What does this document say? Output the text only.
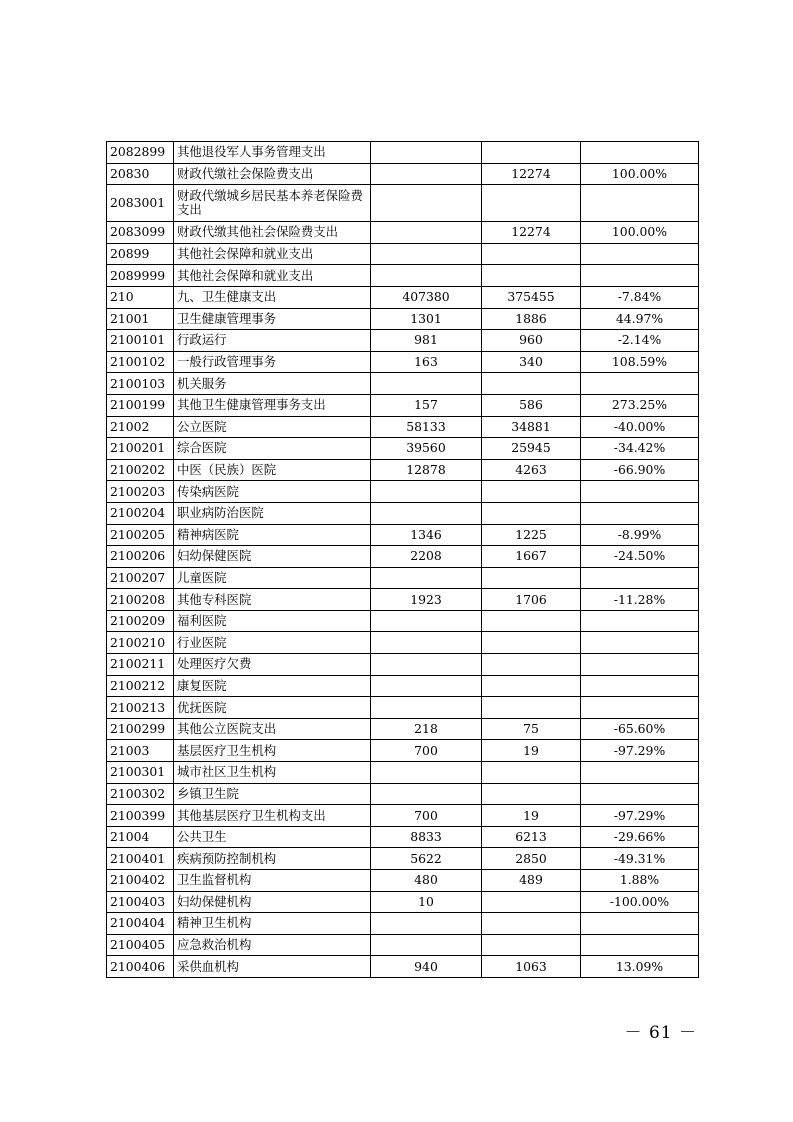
2082899	其他退役军人事务管理支出			
20830	财政代缴社会保险费支出		12274	100.00%
2083001	财政代缴城乡居民基本养老保险费支出			
2083099	财政代缴其他社会保险费支出		12274	100.00%
20899	其他社会保障和就业支出			
2089999	其他社会保障和就业支出			
210	九、卫生健康支出	407380	375455	-7.84%
21001	卫生健康管理事务	1301	1886	44.97%
2100101	行政运行	981	960	-2.14%
2100102	一般行政管理事务	163	340	108.59%
2100103	机关服务			
2100199	其他卫生健康管理事务支出	157	586	273.25%
21002	公立医院	58133	34881	-40.00%
2100201	综合医院	39560	25945	-34.42%
2100202	中医（民族）医院	12878	4263	-66.90%
2100203	传染病医院			
2100204	职业病防治医院			
2100205	精神病医院	1346	1225	-8.99%
2100206	妇幼保健医院	2208	1667	-24.50%
2100207	儿童医院			
2100208	其他专科医院	1923	1706	-11.28%
2100209	福利医院			
2100210	行业医院			
2100211	处理医疗欠费			
2100212	康复医院			
2100213	优抚医院			
2100299	其他公立医院支出	218	75	-65.60%
21003	基层医疗卫生机构	700	19	-97.29%
2100301	城市社区卫生机构			
2100302	乡镇卫生院			
2100399	其他基层医疗卫生机构支出	700	19	-97.29%
21004	公共卫生	8833	6213	-29.66%
2100401	疾病预防控制机构	5622	2850	-49.31%
2100402	卫生监督机构	480	489	1.88%
2100403	妇幼保健机构	10		-100.00%
2100404	精神卫生机构			
2100405	应急救治机构			
2100406	采供血机构	940	1063	13.09%
－ 61 －
